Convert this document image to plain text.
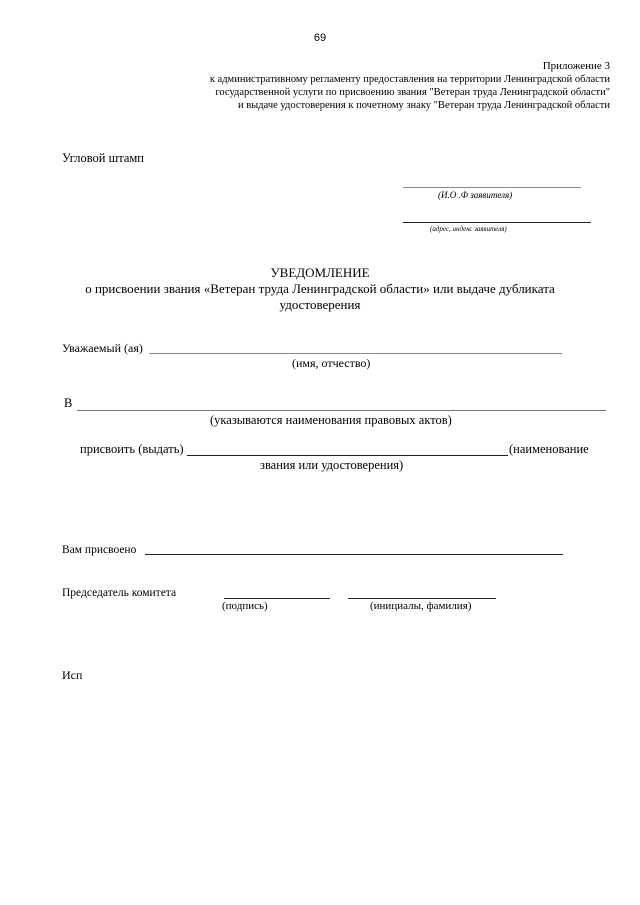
69
Приложение 3
к административному регламенту предоставления на территории Ленинградской области
государственной услуги по присвоению звания "Ветеран труда Ленинградской области"
и выдаче удостоверения к почетному знаку "Ветеран труда Ленинградской области
Угловой штамп
(И.О .Ф заявителя)
(адрес, индекс заявителя)
УВЕДОМЛЕНИЕ
о присвоении звания «Ветеран труда Ленинградской области» или выдаче дубликата
удостоверения
Уважаемый (ая)
(имя, отчество)
В
(указываются наименования правовых актов)
присвоить (выдать)	(наименование
звания или удостоверения)
Вам присвоено
Председатель комитета
(подпись)	(инициалы, фамилия)
Исп
